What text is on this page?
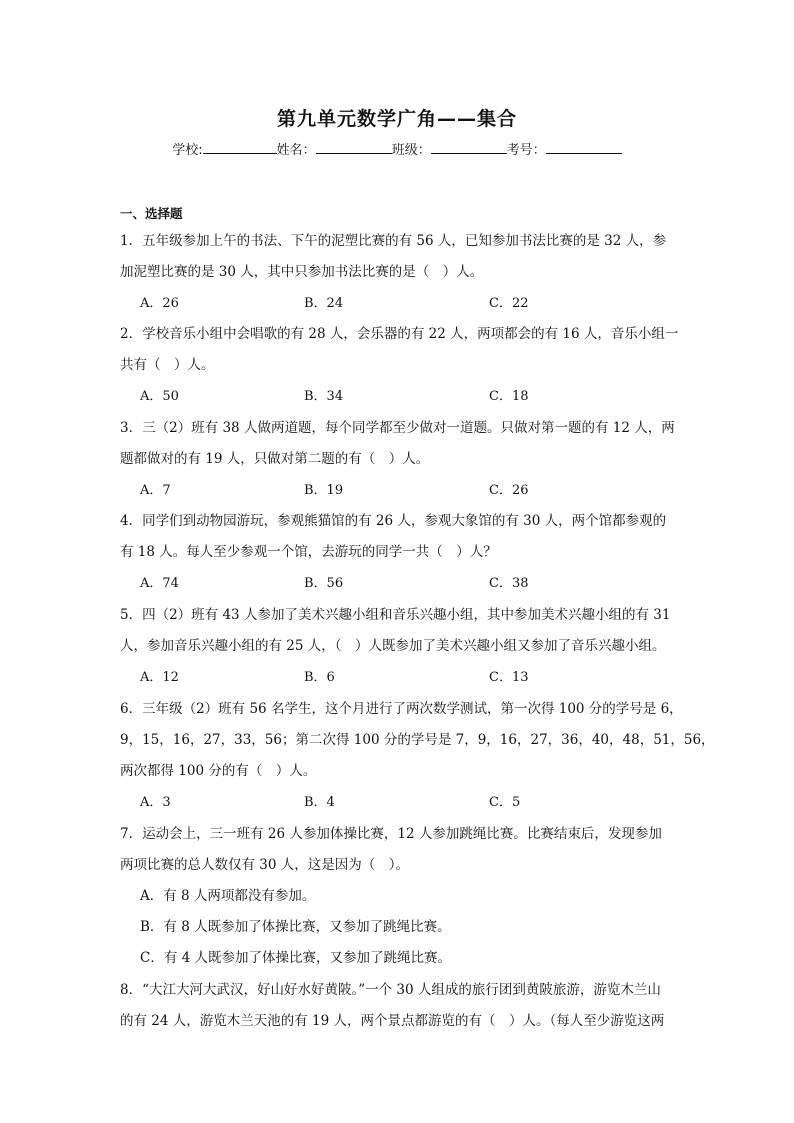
第九单元数学广角——集合
学校:	姓名：	班级：	考号：
一、选择题
1．五年级参加上午的书法、下午的泥塑比赛的有 56 人，已知参加书法比赛的是 32 人，参
加泥塑比赛的是 30 人，其中只参加书法比赛的是（　）人。
A．26	B．24	C．22
2．学校音乐小组中会唱歌的有 28 人，会乐器的有 22 人，两项都会的有 16 人，音乐小组一
共有（　）人。
A．50	B．34	C．18
3．三（2）班有 38 人做两道题，每个同学都至少做对一道题。只做对第一题的有 12 人，两
题都做对的有 19 人，只做对第二题的有（　）人。
A．7	B．19	C．26
4．同学们到动物园游玩，参观熊猫馆的有 26 人，参观大象馆的有 30 人，两个馆都参观的
有 18 人。每人至少参观一个馆，去游玩的同学一共（　）人？
A．74	B．56	C．38
5．四（2）班有 43 人参加了美术兴趣小组和音乐兴趣小组，其中参加美术兴趣小组的有 31
人，参加音乐兴趣小组的有 25 人，（　）人既参加了美术兴趣小组又参加了音乐兴趣小组。
A．12	B．6	C．13
6．三年级（2）班有 56 名学生，这个月进行了两次数学测试，第一次得 100 分的学号是 6，
9，15，16，27，33，56；第二次得 100 分的学号是 7，9，16，27，36，40，48，51，56，
两次都得 100 分的有（　）人。
A．3	B．4	C．5
7．运动会上，三一班有 26 人参加体操比赛，12 人参加跳绳比赛。比赛结束后，发现参加
两项比赛的总人数仅有 30 人，这是因为（　）。
A．有 8 人两项都没有参加。
B．有 8 人既参加了体操比赛，又参加了跳绳比赛。
C．有 4 人既参加了体操比赛，又参加了跳绳比赛。
8．“大江大河大武汉，好山好水好黄陂。”一个 30 人组成的旅行团到黄陂旅游，游览木兰山
的有 24 人，游览木兰天池的有 19 人，两个景点都游览的有（　）人。（每人至少游览这两
